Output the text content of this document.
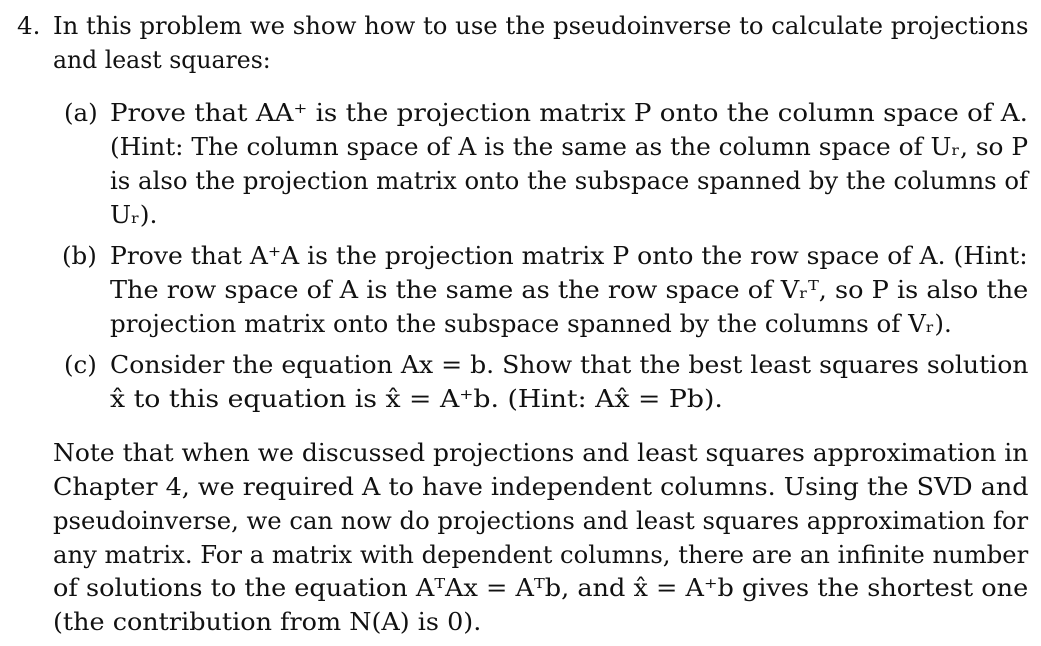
4. In this problem we show how to use the pseudoinverse to calculate projections
and least squares:
(a) Prove that AA⁺ is the projection matrix P onto the column space of A.
(Hint: The column space of A is the same as the column space of Uᵣ, so P
is also the projection matrix onto the subspace spanned by the columns of
Uᵣ).
(b) Prove that A⁺A is the projection matrix P onto the row space of A. (Hint:
The row space of A is the same as the row space of Vᵣᵀ, so P is also the
projection matrix onto the subspace spanned by the columns of Vᵣ).
(c) Consider the equation Ax = b. Show that the best least squares solution
x̂ to this equation is x̂ = A⁺b. (Hint: Ax̂ = Pb).
Note that when we discussed projections and least squares approximation in
Chapter 4, we required A to have independent columns. Using the SVD and
pseudoinverse, we can now do projections and least squares approximation for
any matrix. For a matrix with dependent columns, there are an infinite number
of solutions to the equation AᵀAx = Aᵀb, and x̂ = A⁺b gives the shortest one
(the contribution from N(A) is 0).
